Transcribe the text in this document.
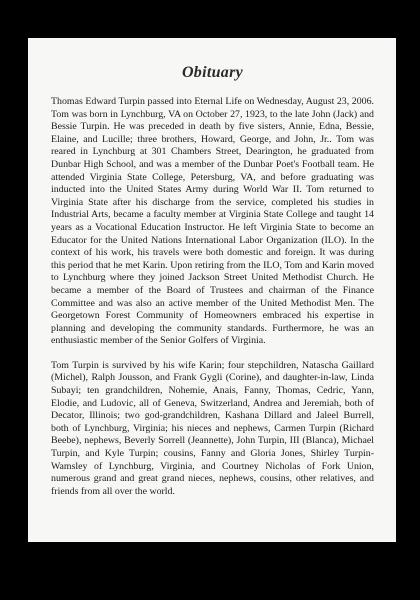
Obituary

Thomas Edward Turpin passed into Eternal Life on Wednesday, August 23, 2006. Tom was born in Lynchburg, VA on October 27, 1923, to the late John (Jack) and Bessie Turpin. He was preceded in death by five sisters, Annie, Edna, Bessie, Elaine, and Lucille; three brothers, Howard, George, and John, Jr.. Tom was reared in Lynchburg at 301 Chambers Street, Dearington, he graduated from Dunbar High School, and was a member of the Dunbar Poet's Football team. He attended Virginia State College, Petersburg, VA, and before graduating was inducted into the United States Army during World War II. Tom returned to Virginia State after his discharge from the service, completed his studies in Industrial Arts, became a faculty member at Virginia State College and taught 14 years as a Vocational Education Instructor. He left Virginia State to become an Educator for the United Nations International Labor Organization (ILO). In the context of his work, his travels were both domestic and foreign. It was during this period that he met Karin. Upon retiring from the ILO, Tom and Karin moved to Lynchburg where they joined Jackson Street United Methodist Church. He became a member of the Board of Trustees and chairman of the Finance Committee and was also an active member of the United Methodist Men. The Georgetown Forest Community of Homeowners embraced his expertise in planning and developing the community standards. Furthermore, he was an enthusiastic member of the Senior Golfers of Virginia.

Tom Turpin is survived by his wife Karin; four stepchildren, Natascha Gaillard (Michel), Ralph Jousson, and Frank Gygli (Corine), and daughter-in-law, Linda Subayi; ten grandchildren, Nohemie, Anais, Fanny, Thomas, Cedric, Yann, Elodie, and Ludovic, all of Geneva, Switzerland, Andrea and Jeremiah, both of Decator, Illinois; two god-grandchildren, Kashana Dillard and Jaleel Burrell, both of Lynchburg, Virginia; his nieces and nephews, Carmen Turpin (Richard Beebe), nephews, Beverly Sorrell (Jeannette), John Turpin, III (Blanca), Michael Turpin, and Kyle Turpin; cousins, Fanny and Gloria Jones, Shirley Turpin-Wamsley of Lynchburg, Virginia, and Courtney Nicholas of Fork Union, numerous grand and great grand nieces, nephews, cousins, other relatives, and friends from all over the world.
